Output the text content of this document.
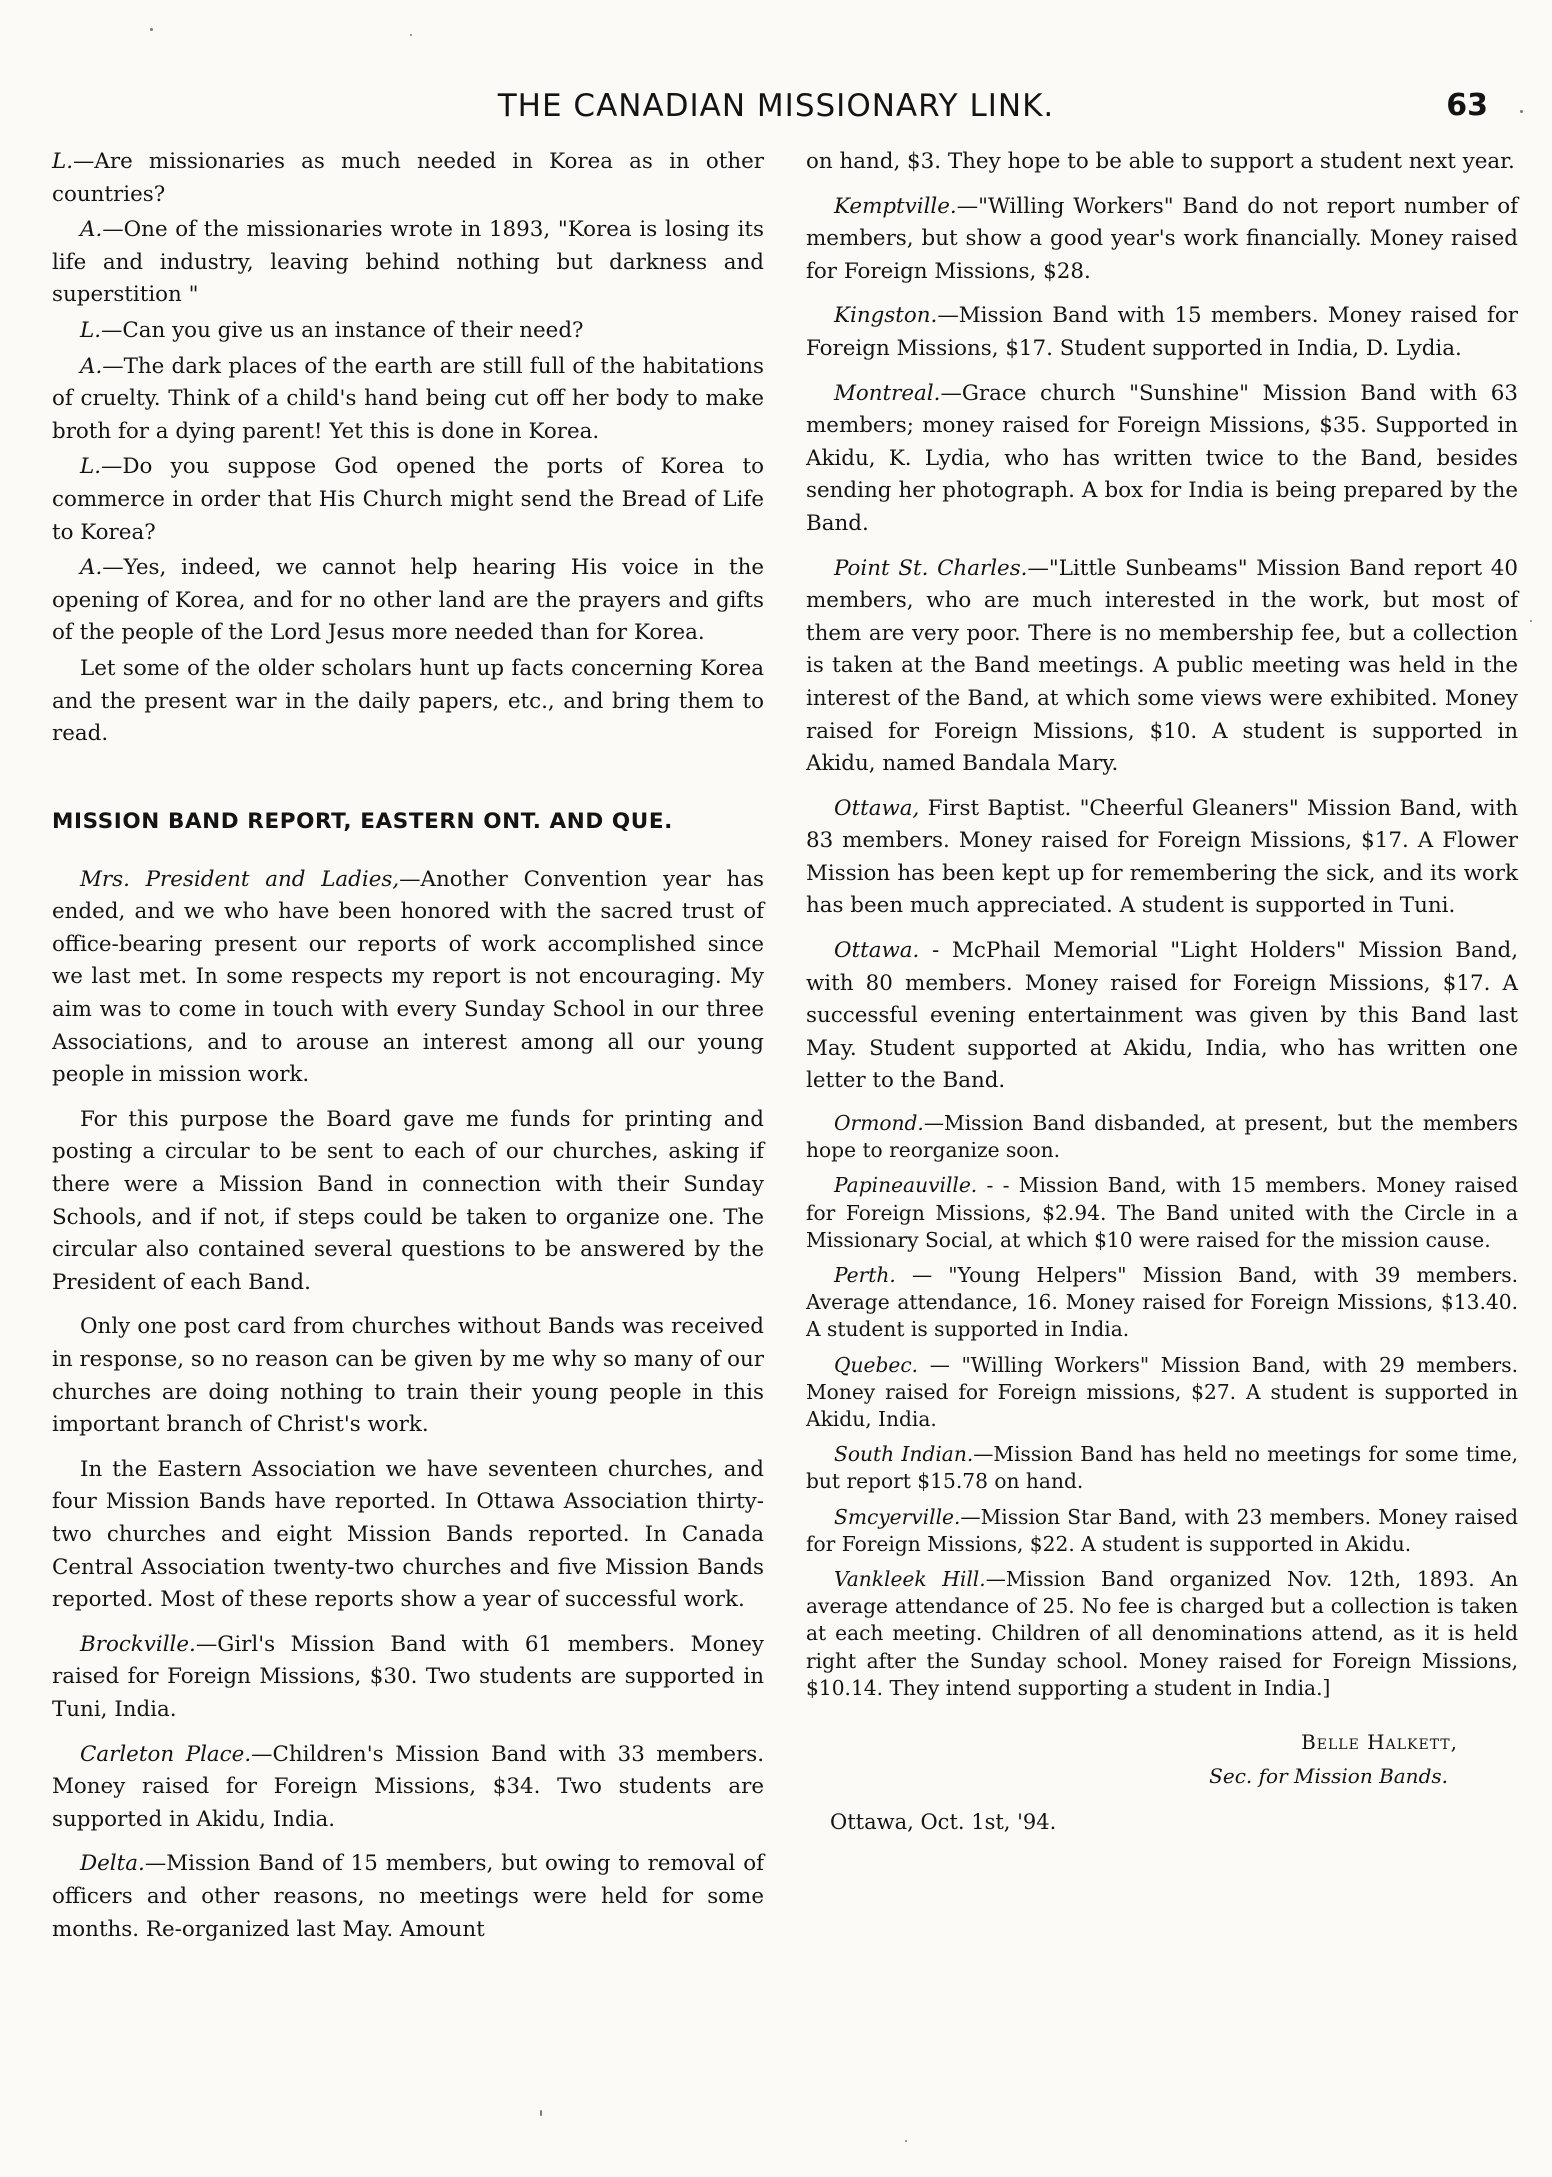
THE CANADIAN MISSIONARY LINK.	63

L.—Are missionaries as much needed in Korea as in other countries?

A.—One of the missionaries wrote in 1893, "Korea is losing its life and industry, leaving behind nothing but darkness and superstition "

L.—Can you give us an instance of their need?

A.—The dark places of the earth are still full of the habitations of cruelty. Think of a child's hand being cut off her body to make broth for a dying parent! Yet this is done in Korea.

L.—Do you suppose God opened the ports of Korea to commerce in order that His Church might send the Bread of Life to Korea?

A.—Yes, indeed, we cannot help hearing His voice in the opening of Korea, and for no other land are the prayers and gifts of the people of the Lord Jesus more needed than for Korea.

Let some of the older scholars hunt up facts concerning Korea and the present war in the daily papers, etc., and bring them to read.

MISSION BAND REPORT, EASTERN ONT. AND QUE.

Mrs. President and Ladies,—Another Convention year has ended, and we who have been honored with the sacred trust of office-bearing present our reports of work accomplished since we last met. In some respects my report is not encouraging. My aim was to come in touch with every Sunday School in our three Associations, and to arouse an interest among all our young people in mission work.

For this purpose the Board gave me funds for printing and posting a circular to be sent to each of our churches, asking if there were a Mission Band in connection with their Sunday Schools, and if not, if steps could be taken to organize one. The circular also contained several questions to be answered by the President of each Band.

Only one post card from churches without Bands was received in response, so no reason can be given by me why so many of our churches are doing nothing to train their young people in this important branch of Christ's work.

In the Eastern Association we have seventeen churches, and four Mission Bands have reported. In Ottawa Association thirty-two churches and eight Mission Bands reported. In Canada Central Association twenty-two churches and five Mission Bands reported. Most of these reports show a year of successful work.

Brockville.—Girl's Mission Band with 61 members. Money raised for Foreign Missions, $30. Two students are supported in Tuni, India.

Carleton Place.—Children's Mission Band with 33 members. Money raised for Foreign Missions, $34. Two students are supported in Akidu, India.

Delta.—Mission Band of 15 members, but owing to removal of officers and other reasons, no meetings were held for some months. Re-organized last May. Amount

on hand, $3. They hope to be able to support a student next year.

Kemptville.—"Willing Workers" Band do not report number of members, but show a good year's work financially. Money raised for Foreign Missions, $28.

Kingston.—Mission Band with 15 members. Money raised for Foreign Missions, $17. Student supported in India, D. Lydia.

Montreal.—Grace church "Sunshine" Mission Band with 63 members; money raised for Foreign Missions, $35. Supported in Akidu, K. Lydia, who has written twice to the Band, besides sending her photograph. A box for India is being prepared by the Band.

Point St. Charles.—"Little Sunbeams" Mission Band report 40 members, who are much interested in the work, but most of them are very poor. There is no membership fee, but a collection is taken at the Band meetings. A public meeting was held in the interest of the Band, at which some views were exhibited. Money raised for Foreign Missions, $10. A student is supported in Akidu, named Bandala Mary.

Ottawa, First Baptist. "Cheerful Gleaners" Mission Band, with 83 members. Money raised for Foreign Missions, $17. A Flower Mission has been kept up for remembering the sick, and its work has been much appreciated. A student is supported in Tuni.

Ottawa. - McPhail Memorial "Light Holders" Mission Band, with 80 members. Money raised for Foreign Missions, $17. A successful evening entertainment was given by this Band last May. Student supported at Akidu, India, who has written one letter to the Band.

Ormond.—Mission Band disbanded, at present, but the members hope to reorganize soon.

Papineauville. - - Mission Band, with 15 members. Money raised for Foreign Missions, $2.94. The Band united with the Circle in a Missionary Social, at which $10 were raised for the mission cause.

Perth. — "Young Helpers" Mission Band, with 39 members. Average attendance, 16. Money raised for Foreign Missions, $13.40. A student is supported in India.

Quebec. — "Willing Workers" Mission Band, with 29 members. Money raised for Foreign missions, $27. A student is supported in Akidu, India.

South Indian.—Mission Band has held no meetings for some time, but report $15.78 on hand.

Smcyerville.—Mission Star Band, with 23 members. Money raised for Foreign Missions, $22. A student is supported in Akidu.

Vankleek Hill.—Mission Band organized Nov. 12th, 1893. An average attendance of 25. No fee is charged but a collection is taken at each meeting. Children of all denominations attend, as it is held right after the Sunday school. Money raised for Foreign Missions, $10.14. They intend supporting a student in India.]

Belle Halkett,
Sec. for Mission Bands.
Ottawa, Oct. 1st, '94.
